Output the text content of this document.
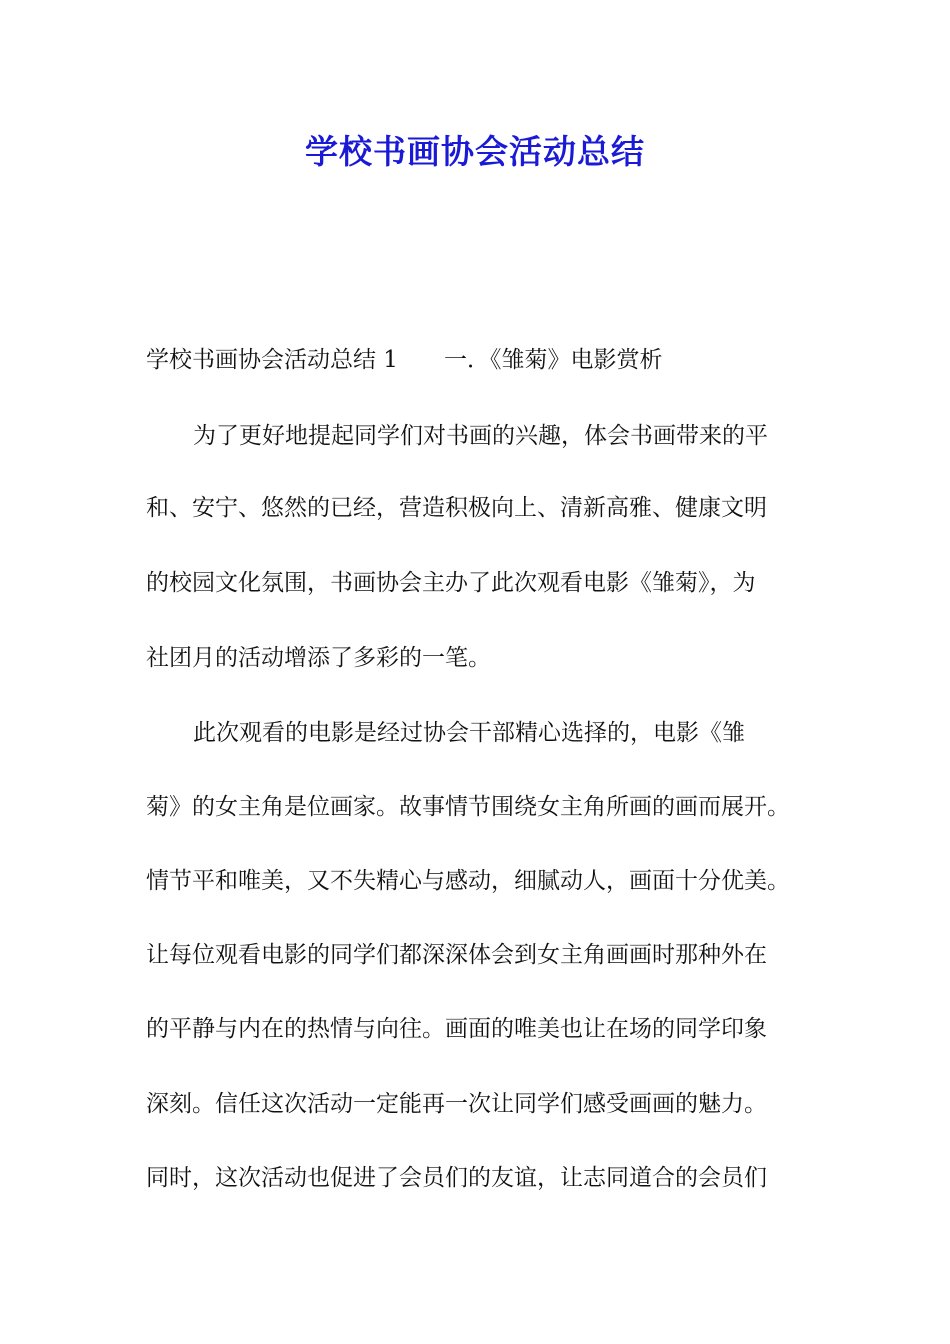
学校书画协会活动总结
学校书画协会活动总结 1 一．《雏菊》电影赏析
为了更好地提起同学们对书画的兴趣，体会书画带来的平
和、安宁、悠然的已经，营造积极向上、清新高雅、健康文明
的校园文化氛围，书画协会主办了此次观看电影《雏菊》，为
社团月的活动增添了多彩的一笔。
此次观看的电影是经过协会干部精心选择的，电影《雏
菊》的女主角是位画家。故事情节围绕女主角所画的画而展开。
情节平和唯美，又不失精心与感动，细腻动人，画面十分优美。
让每位观看电影的同学们都深深体会到女主角画画时那种外在
的平静与内在的热情与向往。画面的唯美也让在场的同学印象
深刻。信任这次活动一定能再一次让同学们感受画画的魅力。
同时，这次活动也促进了会员们的友谊，让志同道合的会员们
